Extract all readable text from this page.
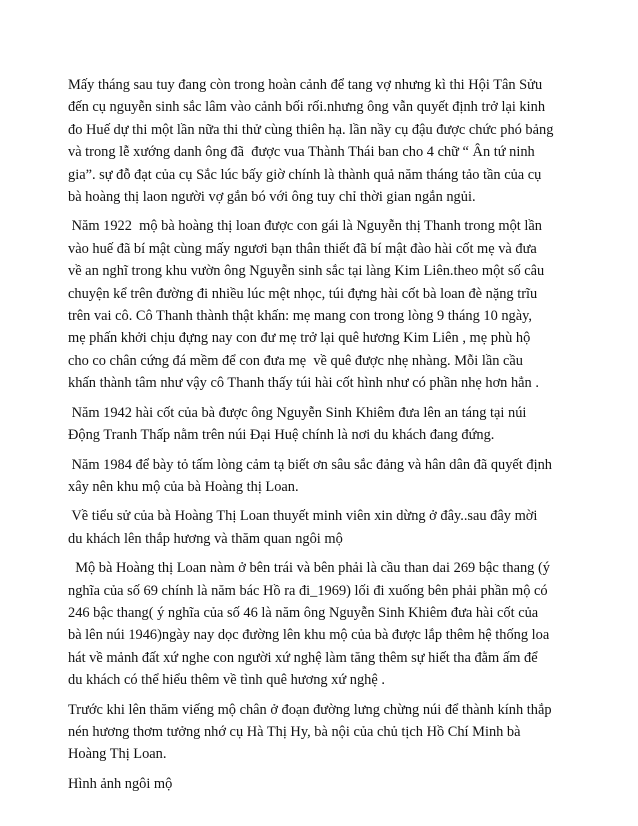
Mấy tháng sau tuy đang còn trong hoàn cảnh để tang vợ nhưng kì thi Hội Tân Sửu
đến cụ nguyễn sinh sắc lâm vào cảnh bối rối.nhưng ông vẫn quyết định trở lại kinh
đo Huế dự thi một lần nữa thi thử cùng thiên hạ. lần nầy cụ đậu được chức phó bảng
và trong lễ xướng danh ông đã  được vua Thành Thái ban cho 4 chữ “ Ân tứ ninh
gia”. sự đỗ đạt của cụ Sắc lúc bấy giờ chính là thành quả năm tháng tảo tần của cụ
bà hoàng thị laon người vợ gắn bó với ông tuy chỉ thời gian ngắn ngủi.

Năm 1922  mộ bà hoàng thị loan được con gái là Nguyễn thị Thanh trong một lần
vào huế đã bí mật cùng mấy ngươi bạn thân thiết đã bí mật đào hài cốt mẹ và đưa
về an nghĩ trong khu vườn ông Nguyễn sinh sắc tại làng Kim Liên.theo một số câu
chuyện kể trên đường đi nhiều lúc mệt nhọc, túi đựng hài cốt bà loan đè nặng trĩu
trên vai cô. Cô Thanh thành thật khấn: mẹ mang con trong lòng 9 tháng 10 ngày,
mẹ phấn khởi chịu đựng nay con đư mẹ trở lại quê hương Kim Liên , mẹ phù hộ
cho co chân cứng đá mềm để con đưa mẹ  về quê được nhẹ nhàng. Mỗi lần cầu
khấn thành tâm như vậy cô Thanh thấy túi hài cốt hình như có phần nhẹ hơn hẳn .

Năm 1942 hài cốt của bà được ông Nguyễn Sinh Khiêm đưa lên an táng tại núi
Động Tranh Thấp nằm trên núi Đại Huệ chính là nơi du khách đang đứng.

Năm 1984 để bày tỏ tấm lòng cảm tạ biết ơn sâu sắc đảng và hân dân đã quyết định
xây nên khu mộ của bà Hoàng thị Loan.

Về tiểu sử của bà Hoàng Thị Loan thuyết minh viên xin dừng ở đây..sau đây mời
du khách lên thắp hương và thăm quan ngôi mộ

Mộ bà Hoàng thị Loan nàm ở bên trái và bên phải là cầu than dai 269 bậc thang (ý
nghĩa của số 69 chính là năm bác Hồ ra đi_1969) lối đi xuống bên phải phần mộ có
246 bậc thang( ý nghĩa của số 46 là năm ông Nguyễn Sinh Khiêm đưa hài cốt của
bà lên núi 1946)ngày nay dọc đường lên khu mộ của bà được lắp thêm hệ thống loa
hát về mảnh đất xứ nghe con người xứ nghệ làm tăng thêm sự hiết tha đằm ấm để
du khách có thể hiểu thêm về tình quê hương xứ nghệ .

Trước khi lên thăm viếng mộ chân ở đoạn đường lưng chừng núi để thành kính thắp
nén hương thơm tưởng nhớ cụ Hà Thị Hy, bà nội của chủ tịch Hồ Chí Minh bà
Hoàng Thị Loan.

Hình ảnh ngôi mộ
